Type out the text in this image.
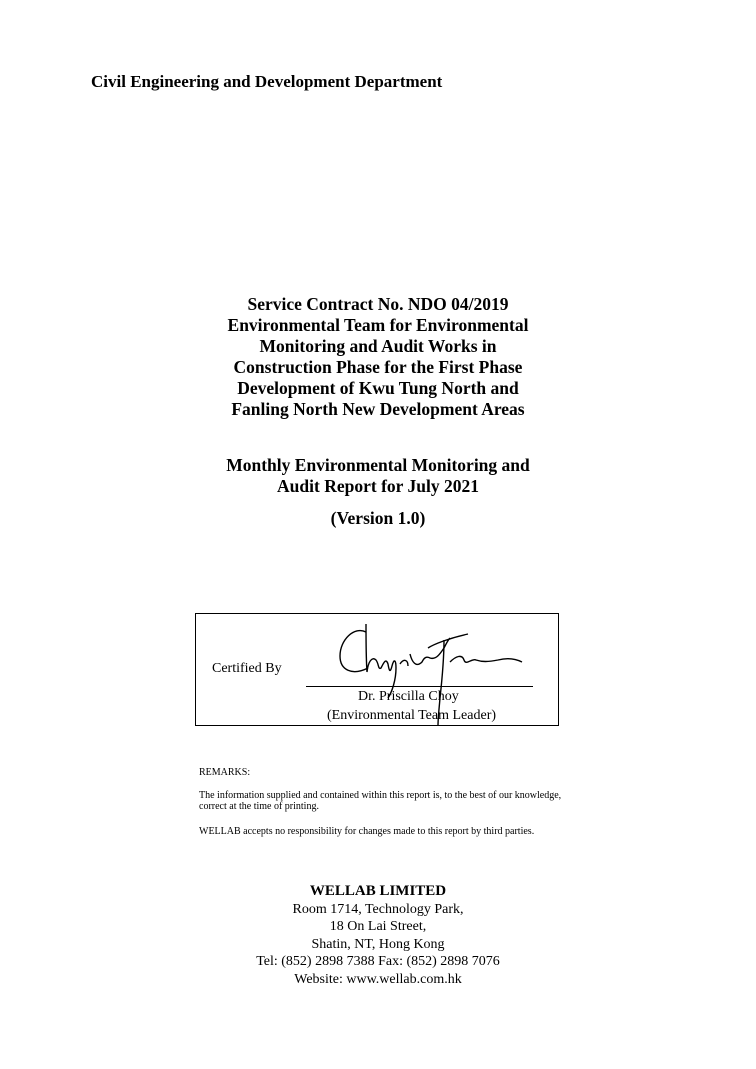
Civil Engineering and Development Department
Service Contract No. NDO 04/2019
Environmental Team for Environmental
Monitoring and Audit Works in
Construction Phase for the First Phase
Development of Kwu Tung North and
Fanling North New Development Areas
Monthly Environmental Monitoring and
Audit Report for July 2021
(Version 1.0)
Certified By
Dr. Priscilla Choy
(Environmental Team Leader)

REMARKS:

The information supplied and contained within this report is, to the best of our knowledge, correct at the time of printing.

WELLAB accepts no responsibility for changes made to this report by third parties.

WELLAB LIMITED
Room 1714, Technology Park,
18 On Lai Street,
Shatin, NT, Hong Kong
Tel: (852) 2898 7388 Fax: (852) 2898 7076
Website: www.wellab.com.hk
